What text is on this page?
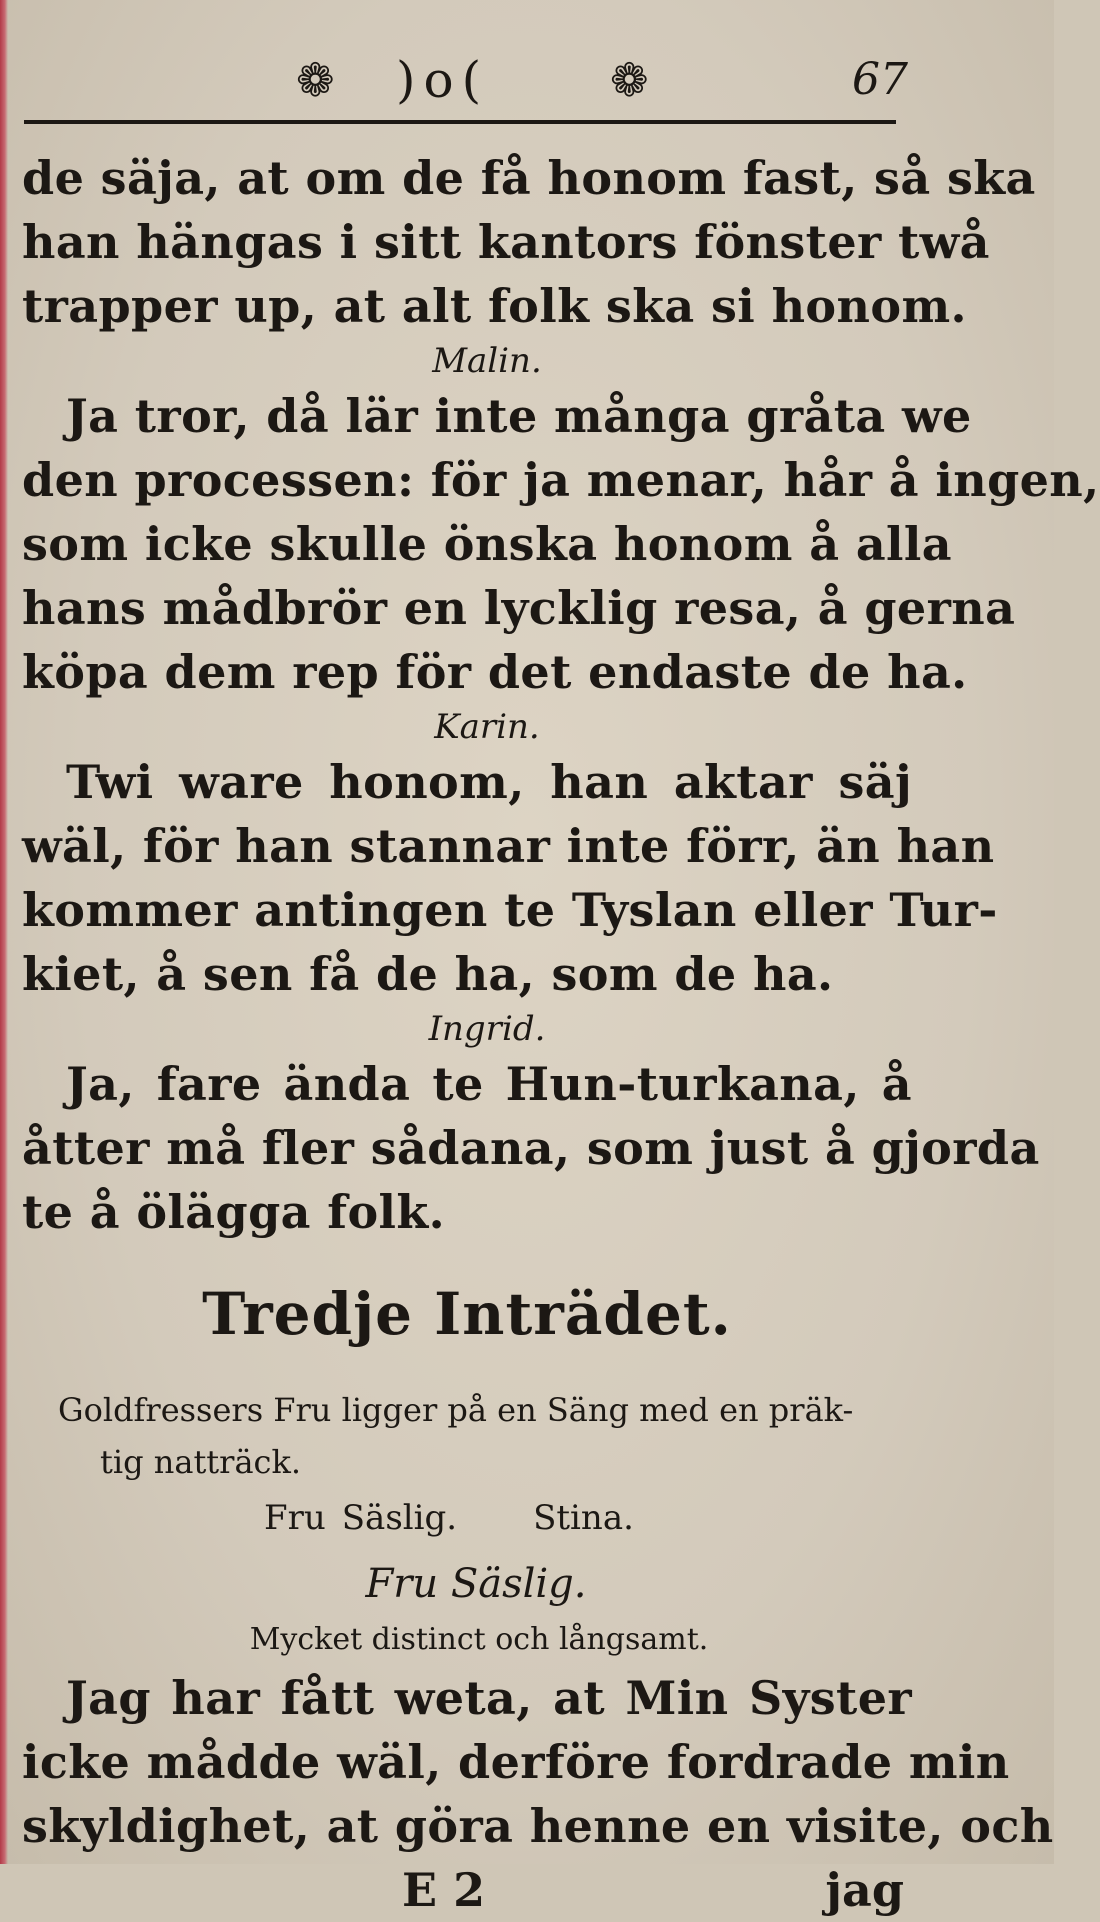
❁ )o(	❁	67
de säja, at om de få honom fast, så ska
han hängas i sitt kantors fönster twå
trapper up, at alt folk ska si honom.
Malin.
Ja tror, då lär inte många gråta we
den processen: för ja menar, hår å ingen,
som icke skulle önska honom å alla
hans mådbrör en lycklig resa, å gerna
köpa dem rep för det endaste de ha.
Karin.
Twi ware honom, han aktar säj
wäl, för han stannar inte förr, än han
kommer antingen te Tyslan eller Tur-
kiet, å sen få de ha, som de ha.
Ingrid.
Ja, fare ända te Hun-turkana, å
åtter må fler sådana, som just å gjorda
te å ölägga folk.
Tredje Inträdet.
Goldfressers Fru ligger på en Säng med en präk-
tig natträck.
Fru Säslig. Stina.
Fru Säslig.
Mycket distinct och långsamt.
Jag har fått weta, at Min Syster
icke mådde wäl, derföre fordrade min
skyldighet, at göra henne en visite, och
E 2	jag
